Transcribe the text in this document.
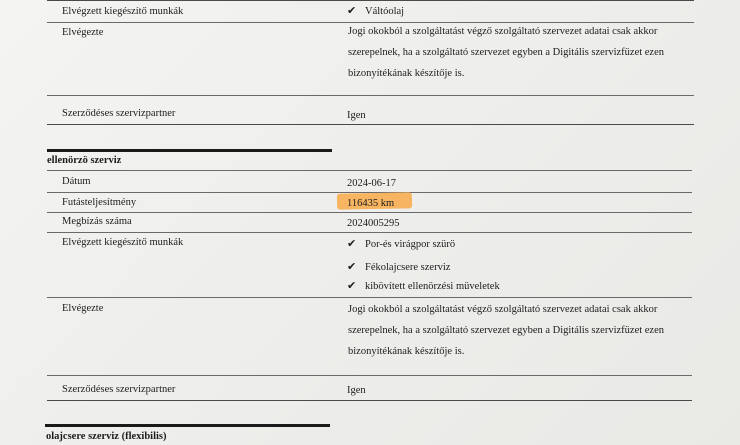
Elvégzett kiegészítő munkák	✔ Váltóolaj
Elvégezte	Jogi okokból a szolgáltatást végző szolgáltató szervezet adatai csak akkor szerepelnek, ha a szolgáltató szervezet egyben a Digitális szervizfüzet ezen bizonyítékának készítője is.
Szerződéses szervizpartner	Igen
ellenörzö szerviz
Dátum	2024-06-17
Futásteljesítmény	116435 km
Megbízás száma	2024005295
Elvégzett kiegészítő munkák	✔ Por-és virágpor szürö
✔ Fékolajcsere szerviz
✔ kibövített ellenörzési müveletek
Elvégezte	Jogi okokból a szolgáltatást végző szolgáltató szervezet adatai csak akkor szerepelnek, ha a szolgáltató szervezet egyben a Digitális szervizfüzet ezen bizonyítékának készítője is.
Szerződéses szervizpartner	Igen
olajcsere szerviz (flexibilis)
